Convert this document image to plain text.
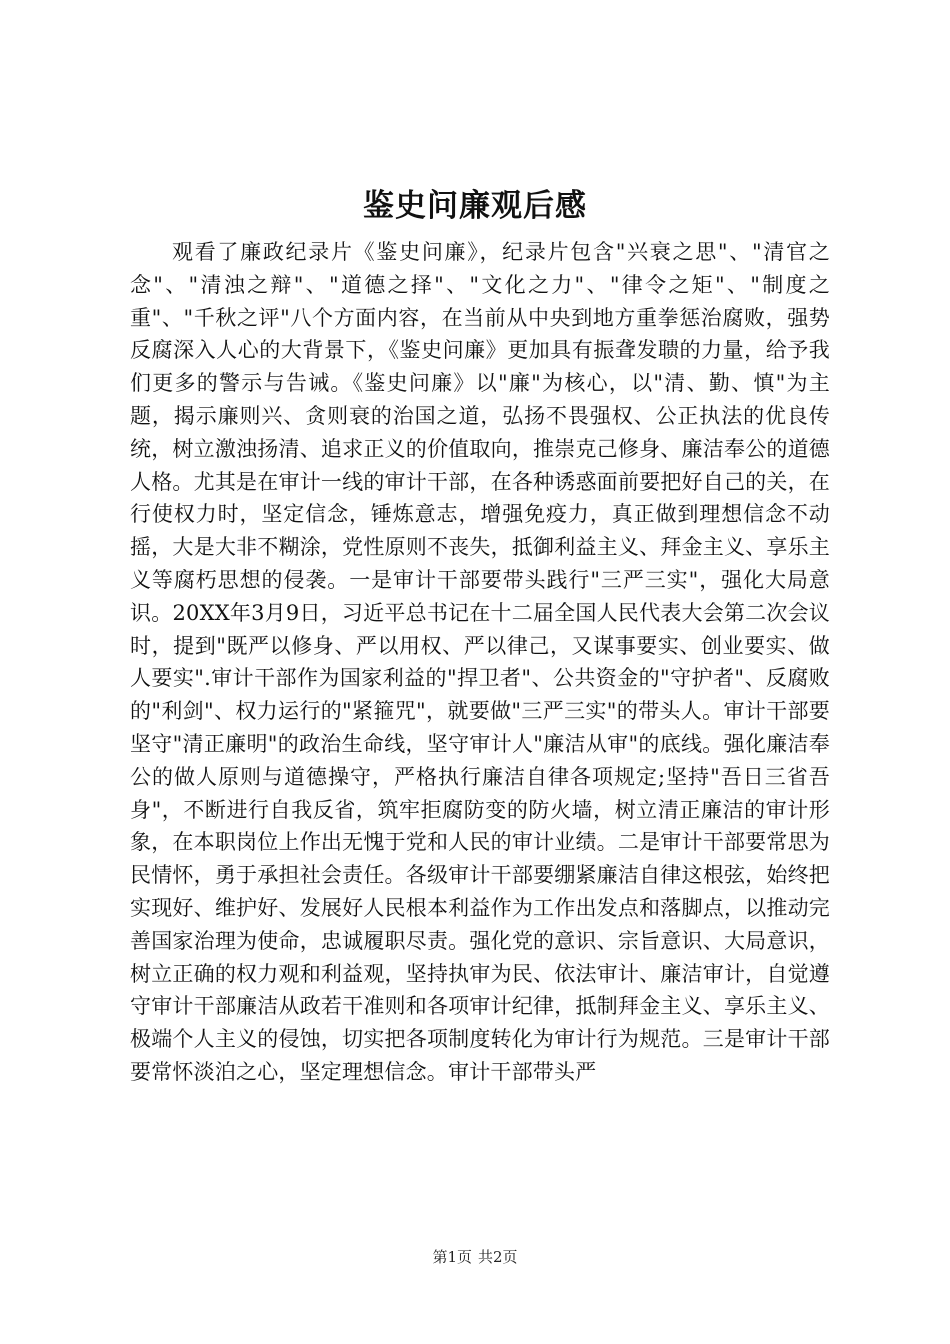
鉴史问廉观后感

观看了廉政纪录片《鉴史问廉》，纪录片包含"兴衰之思"、"清官之念"、"清浊之辩"、"道德之择"、"文化之力"、"律令之矩"、"制度之重"、"千秋之评"八个方面内容，在当前从中央到地方重拳惩治腐败，强势反腐深入人心的大背景下，《鉴史问廉》更加具有振聋发聩的力量，给予我们更多的警示与告诫。《鉴史问廉》以"廉"为核心，以"清、勤、慎"为主题，揭示廉则兴、贪则衰的治国之道，弘扬不畏强权、公正执法的优良传统，树立激浊扬清、追求正义的价值取向，推崇克己修身、廉洁奉公的道德人格。尤其是在审计一线的审计干部，在各种诱惑面前要把好自己的关，在行使权力时，坚定信念，锤炼意志，增强免疫力，真正做到理想信念不动摇，大是大非不糊涂，党性原则不丧失，抵御利益主义、拜金主义、享乐主义等腐朽思想的侵袭。一是审计干部要带头践行"三严三实"，强化大局意识。20XX年3月9日，习近平总书记在十二届全国人民代表大会第二次会议时，提到"既严以修身、严以用权、严以律己，又谋事要实、创业要实、做人要实".审计干部作为国家利益的"捍卫者"、公共资金的"守护者"、反腐败的"利剑"、权力运行的"紧箍咒"，就要做"三严三实"的带头人。审计干部要坚守"清正廉明"的政治生命线，坚守审计人"廉洁从审"的底线。强化廉洁奉公的做人原则与道德操守，严格执行廉洁自律各项规定;坚持"吾日三省吾身"，不断进行自我反省，筑牢拒腐防变的防火墙，树立清正廉洁的审计形象，在本职岗位上作出无愧于党和人民的审计业绩。二是审计干部要常思为民情怀，勇于承担社会责任。各级审计干部要绷紧廉洁自律这根弦，始终把实现好、维护好、发展好人民根本利益作为工作出发点和落脚点，以推动完善国家治理为使命，忠诚履职尽责。强化党的意识、宗旨意识、大局意识，树立正确的权力观和利益观，坚持执审为民、依法审计、廉洁审计，自觉遵守审计干部廉洁从政若干准则和各项审计纪律，抵制拜金主义、享乐主义、极端个人主义的侵蚀，切实把各项制度转化为审计行为规范。三是审计干部要常怀淡泊之心，坚定理想信念。审计干部带头严

第1页 共2页
